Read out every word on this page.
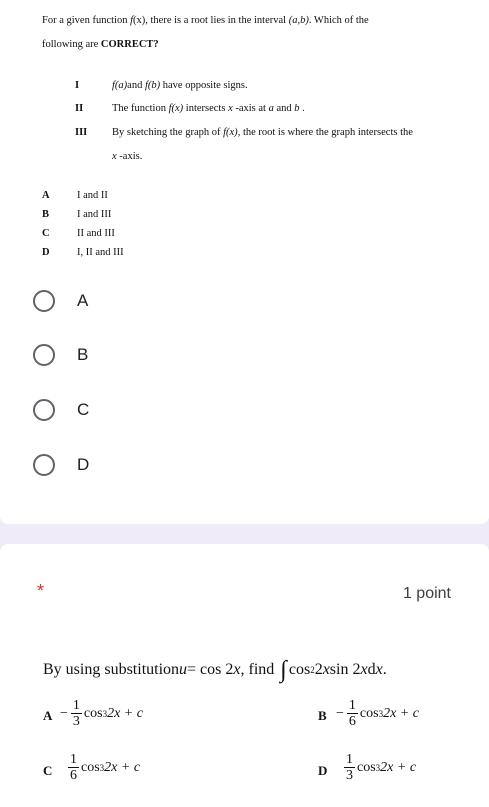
For a given function f(x), there is a root lies in the interval (a,b). Which of the
following are CORRECT?
I	f(a)and f(b) have opposite signs.
II	The function f(x) intersects x -axis at a and b .
III By sketching the graph of f(x), the root is where the graph intersects the
x -axis.
A	I and II
B	I and III
C	II and III
D	I, II and III
A
B
C
D
*	1 point
By using substitution u = cos 2 x , find ∫ cos 2 2 x sin 2 x d x .
$A - \frac{1}{3}$ cos 3 2x + c	$B - \frac{1}{6}$ cos 3 2x + c
C $\frac{1}{6}$ cos 3 2x + c	D $\frac{1}{3}$ cos 3 2x + c
